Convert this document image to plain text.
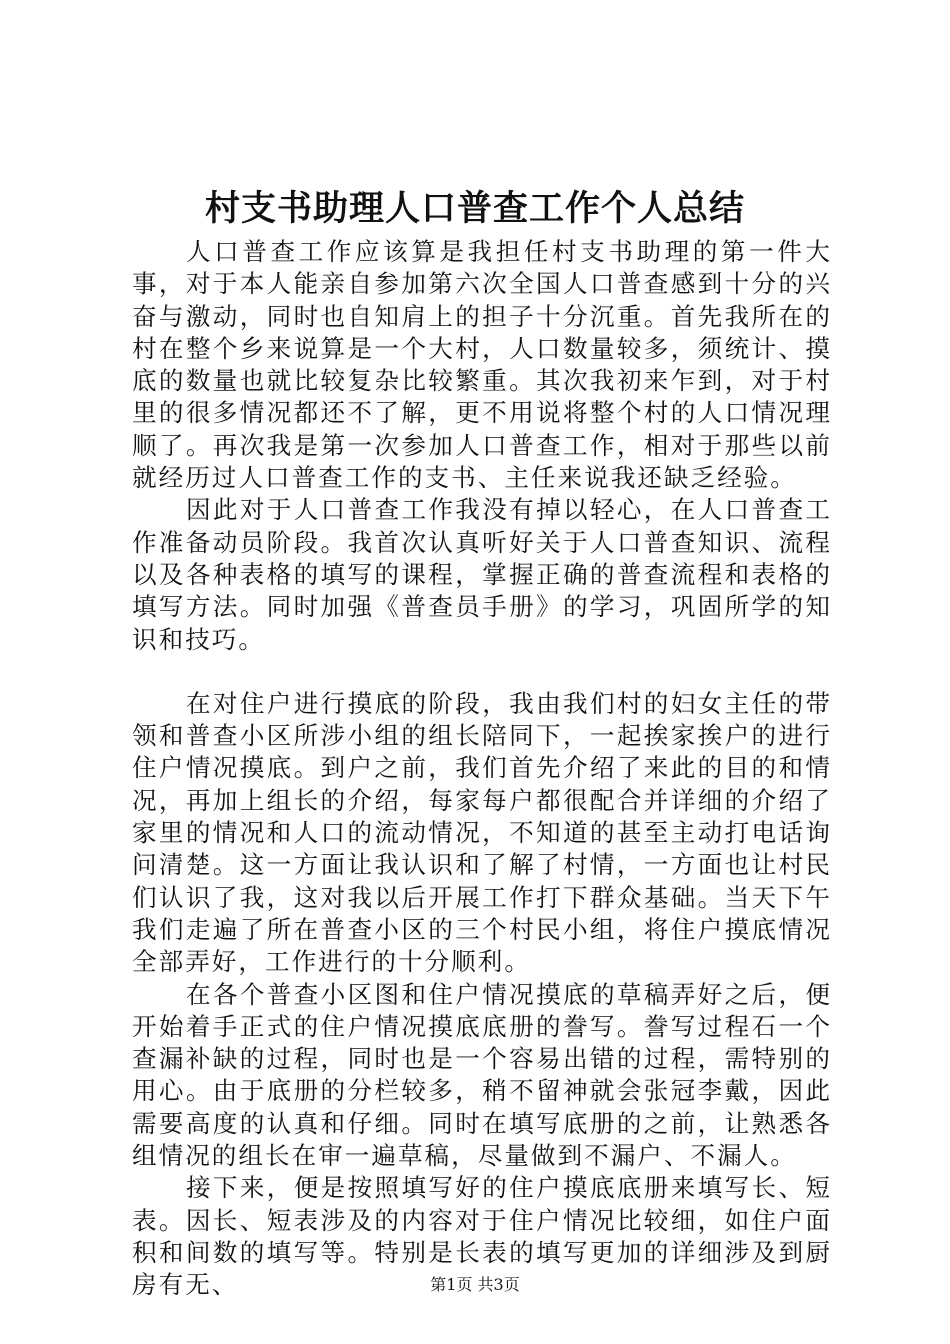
村支书助理人口普查工作个人总结

人口普查工作应该算是我担任村支书助理的第一件大事，对于本人能亲自参加第六次全国人口普查感到十分的兴奋与激动，同时也自知肩上的担子十分沉重。首先我所在的村在整个乡来说算是一个大村，人口数量较多，须统计、摸底的数量也就比较复杂比较繁重。其次我初来乍到，对于村里的很多情况都还不了解，更不用说将整个村的人口情况理顺了。再次我是第一次参加人口普查工作，相对于那些以前就经历过人口普查工作的支书、主任来说我还缺乏经验。

因此对于人口普查工作我没有掉以轻心，在人口普查工作准备动员阶段。我首次认真听好关于人口普查知识、流程以及各种表格的填写的课程，掌握正确的普查流程和表格的填写方法。同时加强《普查员手册》的学习，巩固所学的知识和技巧。

在对住户进行摸底的阶段，我由我们村的妇女主任的带领和普查小区所涉小组的组长陪同下，一起挨家挨户的进行住户情况摸底。到户之前，我们首先介绍了来此的目的和情况，再加上组长的介绍，每家每户都很配合并详细的介绍了家里的情况和人口的流动情况，不知道的甚至主动打电话询问清楚。这一方面让我认识和了解了村情，一方面也让村民们认识了我，这对我以后开展工作打下群众基础。当天下午我们走遍了所在普查小区的三个村民小组，将住户摸底情况全部弄好，工作进行的十分顺利。

在各个普查小区图和住户情况摸底的草稿弄好之后，便开始着手正式的住户情况摸底底册的誊写。誊写过程石一个查漏补缺的过程，同时也是一个容易出错的过程，需特别的用心。由于底册的分栏较多，稍不留神就会张冠李戴，因此需要高度的认真和仔细。同时在填写底册的之前，让熟悉各组情况的组长在审一遍草稿，尽量做到不漏户、不漏人。

接下来，便是按照填写好的住户摸底底册来填写长、短表。因长、短表涉及的内容对于住户情况比较细，如住户面积和间数的填写等。特别是长表的填写更加的详细涉及到厨房有无、	第1页 共3页
